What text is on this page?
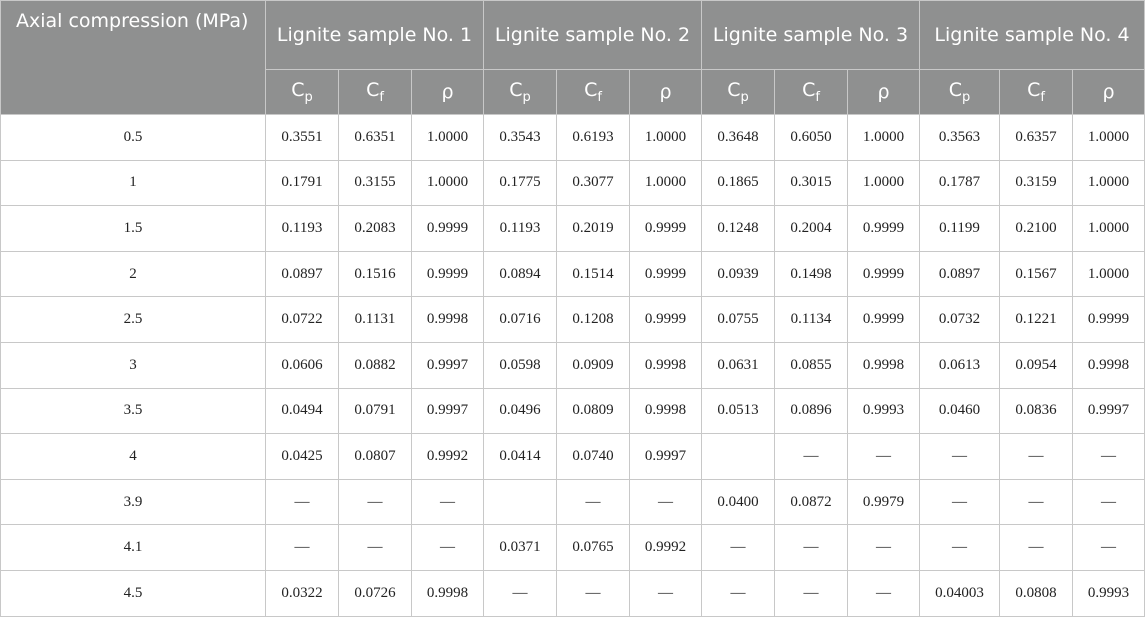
Axial compression (MPa)	Lignite sample No. 1			Lignite sample No. 2			Lignite sample No. 3			Lignite sample No. 4		

	$C_p$	$C_f$	ρ	$C_p$	$C_f$	ρ	$C_p$	$C_f$	ρ	$C_p$	$C_f$	ρ
0.5	0.3551	0.6351	1.0000	0.3543	0.6193	1.0000	0.3648	0.6050	1.0000	0.3563	0.6357	1.0000
1	0.1791	0.3155	1.0000	0.1775	0.3077	1.0000	0.1865	0.3015	1.0000	0.1787	0.3159	1.0000
1.5	0.1193	0.2083	0.9999	0.1193	0.2019	0.9999	0.1248	0.2004	0.9999	0.1199	0.2100	1.0000
2	0.0897	0.1516	0.9999	0.0894	0.1514	0.9999	0.0939	0.1498	0.9999	0.0897	0.1567	1.0000
2.5	0.0722	0.1131	0.9998	0.0716	0.1208	0.9999	0.0755	0.1134	0.9999	0.0732	0.1221	0.9999
3	0.0606	0.0882	0.9997	0.0598	0.0909	0.9998	0.0631	0.0855	0.9998	0.0613	0.0954	0.9998
3.5	0.0494	0.0791	0.9997	0.0496	0.0809	0.9998	0.0513	0.0896	0.9993	0.0460	0.0836	0.9997
4	0.0425	0.0807	0.9992	0.0414	0.0740	0.9997		—	—	—	—	—
3.9	—	—	—		—	—	0.0400	0.0872	0.9979	—	—	—
4.1	—	—	—	0.0371	0.0765	0.9992	—	—	—	—	—	—
4.5	0.0322	0.0726	0.9998	—	—	—	—	—	—	0.04003	0.0808	0.9993
